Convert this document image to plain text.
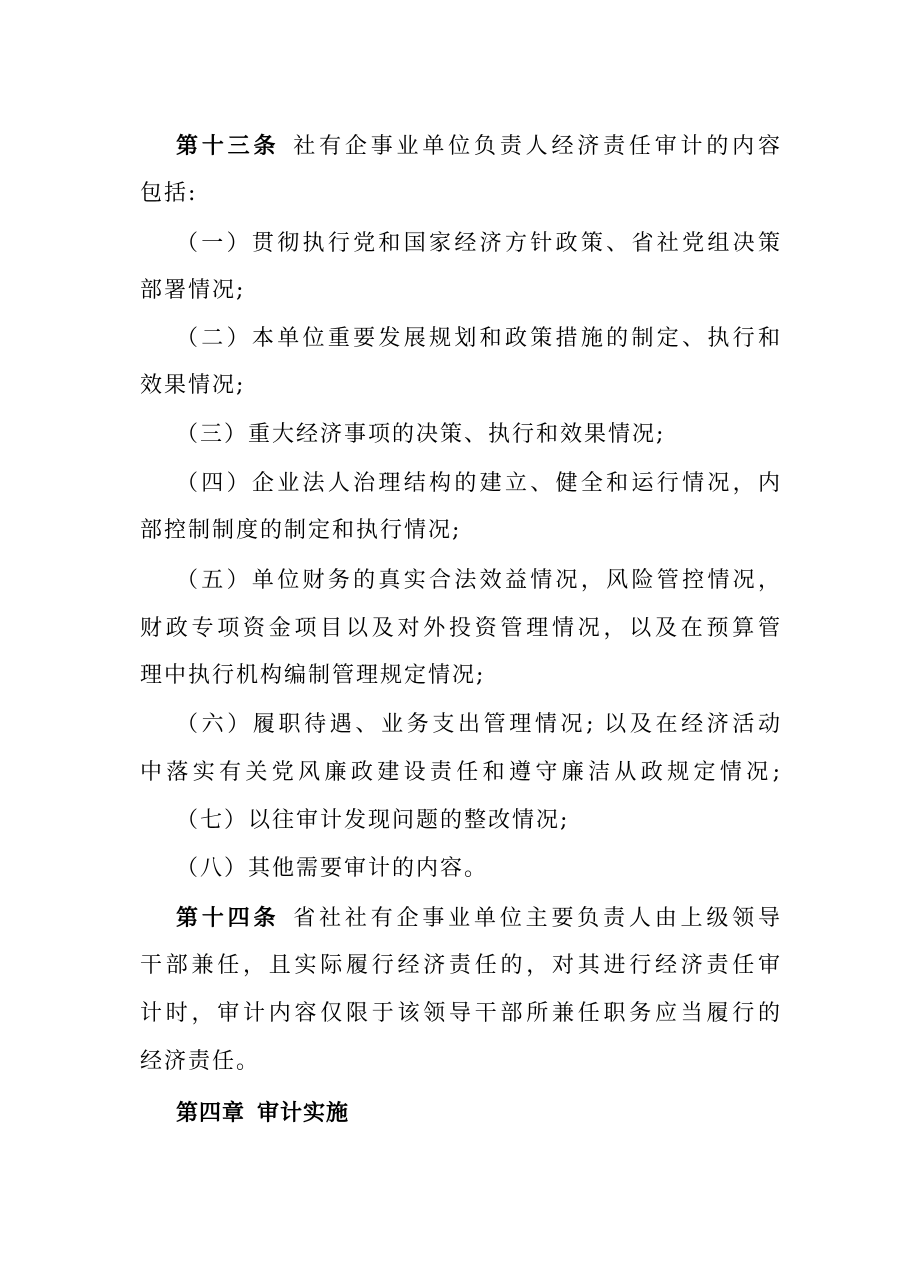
第十三条 社有企事业单位负责人经济责任审计的内容
包括:
（一）贯彻执行党和国家经济方针政策、省社党组决策
部署情况;
（二）本单位重要发展规划和政策措施的制定、执行和
效果情况;
（三）重大经济事项的决策、执行和效果情况;
（四）企业法人治理结构的建立、健全和运行情况，内
部控制制度的制定和执行情况;
（五）单位财务的真实合法效益情况，风险管控情况，
财政专项资金项目以及对外投资管理情况，以及在预算管
理中执行机构编制管理规定情况;
（六）履职待遇、业务支出管理情况; 以及在经济活动
中落实有关党风廉政建设责任和遵守廉洁从政规定情况;
（七）以往审计发现问题的整改情况;
（八）其他需要审计的内容。
第十四条 省社社有企事业单位主要负责人由上级领导
干部兼任，且实际履行经济责任的，对其进行经济责任审
计时，审计内容仅限于该领导干部所兼任职务应当履行的
经济责任。
第四章 审计实施
